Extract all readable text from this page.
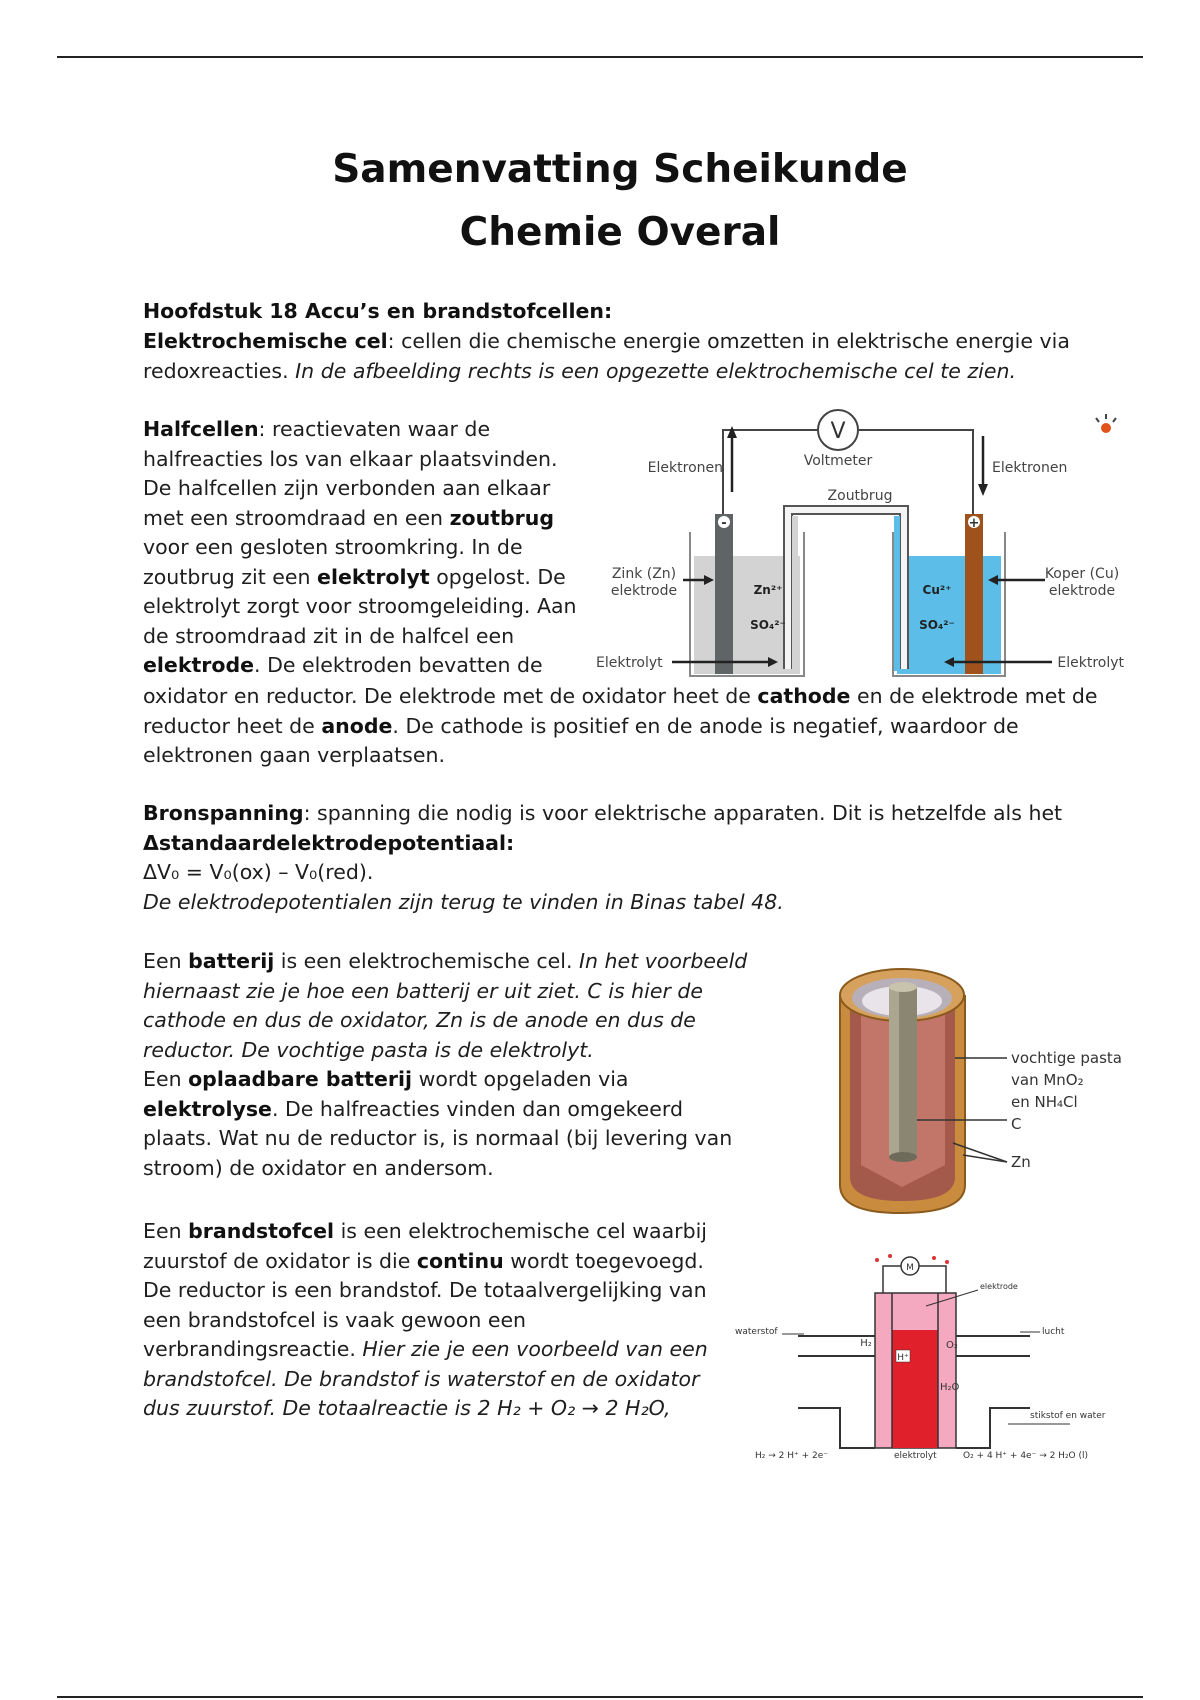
Samenvatting Scheikunde
Chemie Overal
Hoofdstuk 18 Accu’s en brandstofcellen:

Elektrochemische cel: cellen die chemische energie omzetten in elektrische energie via redoxreacties. In de afbeelding rechts is een opgezette elektrochemische cel te zien.

Halfcellen: reactievaten waar de halfreacties los van elkaar plaatsvinden. De halfcellen zijn verbonden aan elkaar met een stroomdraad en een zoutbrug voor een gesloten stroomkring. In de zoutbrug zit een elektrolyt opgelost. De elektrolyt zorgt voor stroomgeleiding. Aan de stroomdraad zit in de halfcel een elektrode. De elektroden bevatten de

oxidator en reductor. De elektrode met de oxidator heet de cathode en de elektrode met de reductor heet de anode. De cathode is positief en de anode is negatief, waardoor de elektronen gaan verplaatsen.

V
Voltmeter
Elektronen	Elektronen
Zoutbrug
-	+
Zn²⁺
SO₄²⁻
Cu²⁺
SO₄²⁻
Zink (Zn)
elektrode
Koper (Cu)
elektrode
Elektrolyt	Elektrolyt

Bronspanning: spanning die nodig is voor elektrische apparaten. Dit is hetzelfde als het
Δstandaardelektrodepotentiaal:
ΔV₀ = V₀(ox) – V₀(red).
De elektrodepotentialen zijn terug te vinden in Binas tabel 48.

Een batterij is een elektrochemische cel. In het voorbeeld hiernaast zie je hoe een batterij er uit ziet. C is hier de cathode en dus de oxidator, Zn is de anode en dus de reductor. De vochtige pasta is de elektrolyt.
Een oplaadbare batterij wordt opgeladen via elektrolyse. De halfreacties vinden dan omgekeerd plaats. Wat nu de reductor is, is normaal (bij levering van stroom) de oxidator en andersom.

vochtige pasta
van MnO₂
en NH₄Cl
C
Zn

Een brandstofcel is een elektrochemische cel waarbij zuurstof de oxidator is die continu wordt toegevoegd. De reductor is een brandstof. De totaalvergelijking van een brandstofcel is vaak gewoon een verbrandingsreactie. Hier zie je een voorbeeld van een brandstofcel. De brandstof is waterstof en de oxidator dus zuurstof. De totaalreactie is 2 H₂ + O₂ → 2 H₂O,

M
H⁺
H₂	O₂
H₂O
elektrode
waterstof	lucht
stikstof en water
H₂ → 2 H⁺ + 2e⁻	elektrolyt	O₂ + 4 H⁺ + 4e⁻ → 2 H₂O (l)
